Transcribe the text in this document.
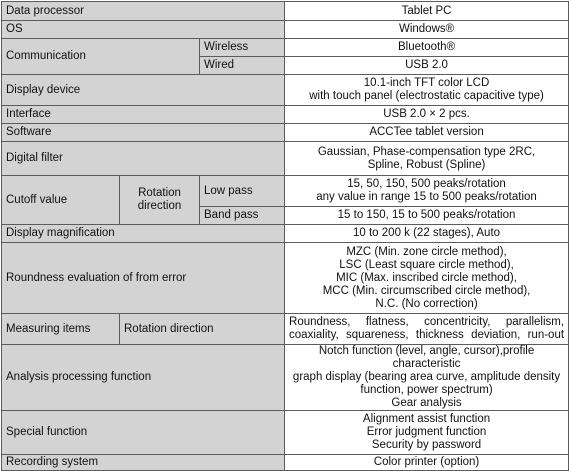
Data processor			Tablet PC
OS			Windows®
Communication		Wireless	Bluetooth®
		Wired	USB 2.0
Display device			10.1-inch TFT color LCD
with touch panel (electrostatic capacitive type)

Interface			USB 2.0 × 2 pcs.
Software			ACCTee tablet version
Digital filter			Gaussian, Phase-compensation type 2RC,
Spline, Robust (Spline)

Cutoff value	Rotation direction	Low pass	15, 50, 150, 500 peaks/rotation
any value in range 15 to 500 peaks/rotation

		Band pass	15 to 150, 15 to 500 peaks/rotation
Display magnification			10 to 200 k (22 stages), Auto
Roundness evaluation of from error			MZC (Min. zone circle method),
LSC (Least square circle method),
MIC (Max. inscribed circle method),
MCC (Min. circumscribed circle method),
N.C. (No correction)

Measuring items	Rotation direction		Roundness, flatness, concentricity, parallelism,
coaxiality, squareness, thickness deviation, run-out

Analysis processing function			Notch function (level, angle, cursor),profile characteristic
graph display (bearing area curve, amplitude density
function, power spectrum)
Gear analysis

Special function			Alignment assist function
Error judgment function
Security by password

Recording system			Color printer (option)
